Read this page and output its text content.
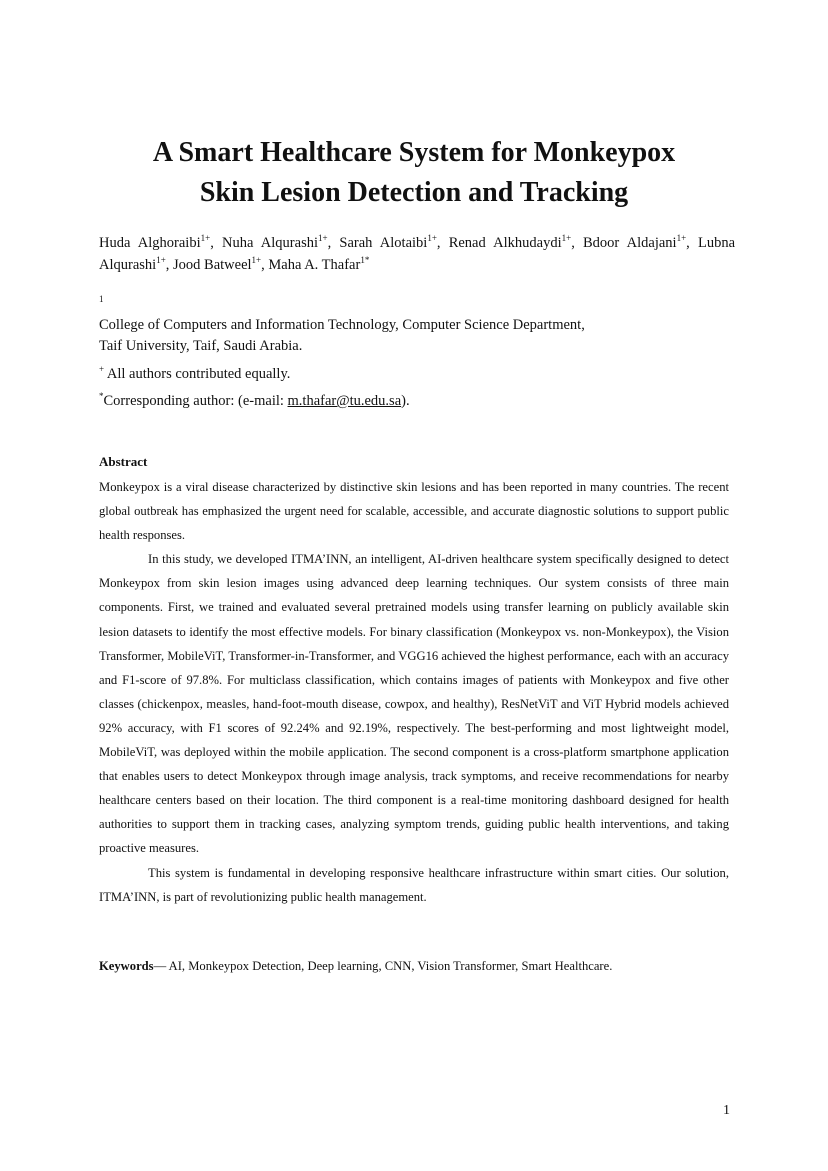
A Smart Healthcare System for Monkeypox
Skin Lesion Detection and Tracking

Huda Alghoraibi$^{1+}$, Nuha Alqurashi$^{1+}$, Sarah Alotaibi$^{1+}$, Renad Alkhudaydi$^{1+}$, Bdoor Aldajani$^{1+}$, Lubna Alqurashi$^{1+}$, Jood Batweel$^{1+}$, Maha A. Thafar$^{1*}$

$^1$
College of Computers and Information Technology, Computer Science Department,
Taif University, Taif, Saudi Arabia.

+ All authors contributed equally.
*Corresponding author: (e-mail: m.thafar@tu.edu.sa).

Abstract

Monkeypox is a viral disease characterized by distinctive skin lesions and has been reported in many countries. The recent global outbreak has emphasized the urgent need for scalable, accessible, and accurate diagnostic solutions to support public health responses.

In this study, we developed ITMA’INN, an intelligent, AI-driven healthcare system specifically designed to detect Monkeypox from skin lesion images using advanced deep learning techniques. Our system consists of three main components. First, we trained and evaluated several pretrained models using transfer learning on publicly available skin lesion datasets to identify the most effective models. For binary classification (Monkeypox vs. non-Monkeypox), the Vision Transformer, MobileViT, Transformer-in-Transformer, and VGG16 achieved the highest performance, each with an accuracy and F1-score of 97.8%. For multiclass classification, which contains images of patients with Monkeypox and five other classes (chickenpox, measles, hand-foot-mouth disease, cowpox, and healthy), ResNetViT and ViT Hybrid models achieved 92% accuracy, with F1 scores of 92.24% and 92.19%, respectively. The best-performing and most lightweight model, MobileViT, was deployed within the mobile application. The second component is a cross-platform smartphone application that enables users to detect Monkeypox through image analysis, track symptoms, and receive recommendations for nearby healthcare centers based on their location. The third component is a real-time monitoring dashboard designed for health authorities to support them in tracking cases, analyzing symptom trends, guiding public health interventions, and taking proactive measures.

This system is fundamental in developing responsive healthcare infrastructure within smart cities. Our solution, ITMA’INN, is part of revolutionizing public health management.

Keywords— AI, Monkeypox Detection, Deep learning, CNN, Vision Transformer, Smart Healthcare.

1
